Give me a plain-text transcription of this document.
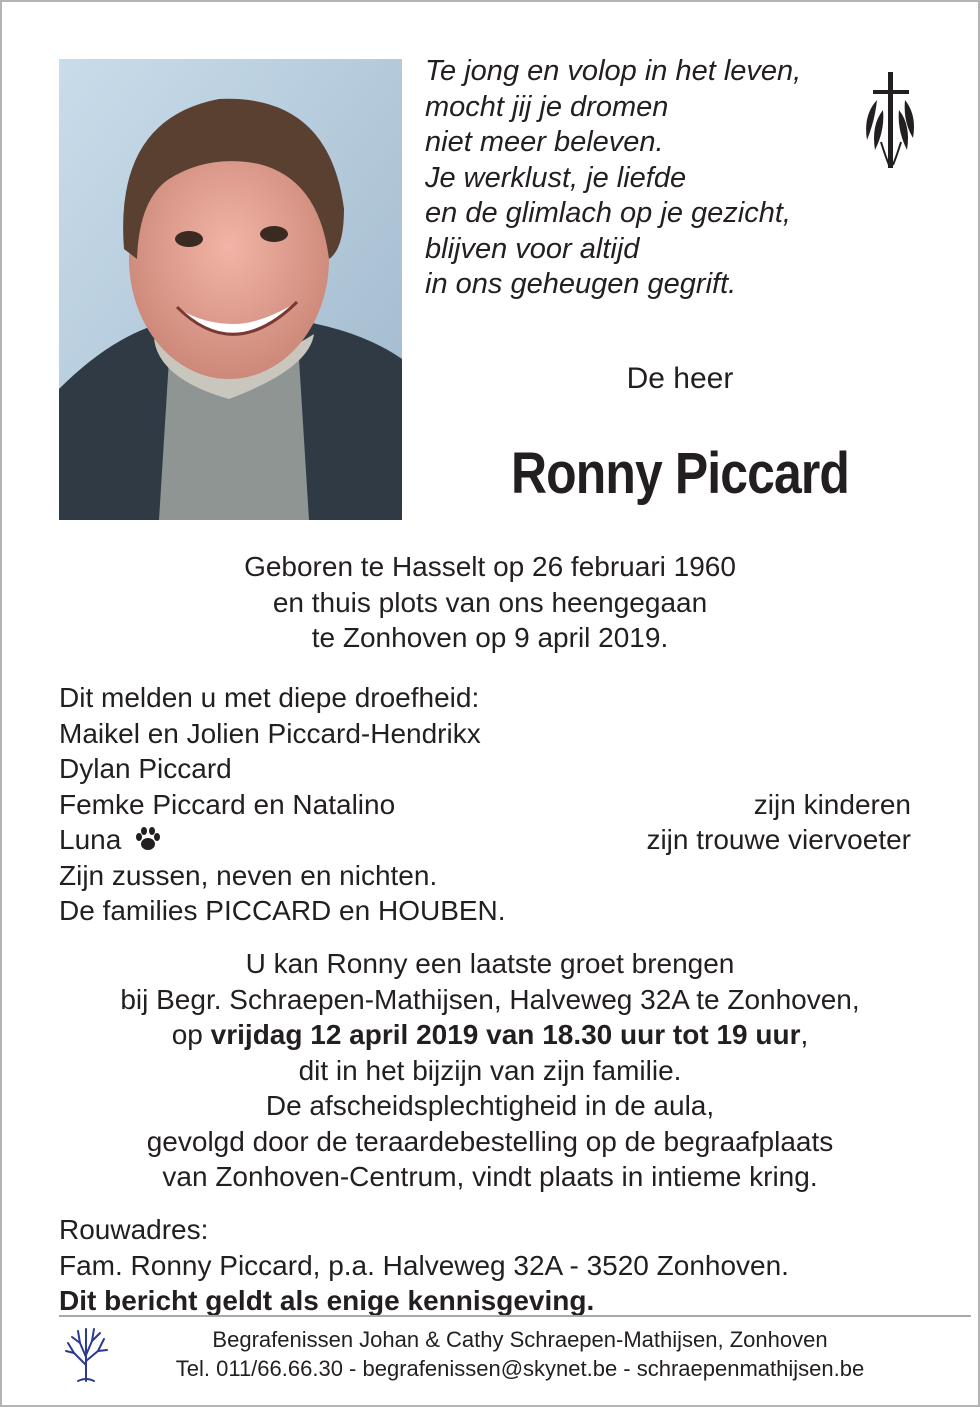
Te jong en volop in het leven,
mocht jij je dromen
niet meer beleven.
Je werklust, je liefde
en de glimlach op je gezicht,
blijven voor altijd
in ons geheugen gegrift.
De heer
Ronny Piccard
Geboren te Hasselt op 26 februari 1960
en thuis plots van ons heengegaan
te Zonhoven op 9 april 2019.
Dit melden u met diepe droefheid:
Maikel en Jolien Piccard-Hendrikx
Dylan Piccard
Femke Piccard en Natalino	zijn kinderen
Luna	zijn trouwe viervoeter
Zijn zussen, neven en nichten.
De families PICCARD en HOUBEN.
U kan Ronny een laatste groet brengen
bij Begr. Schraepen-Mathijsen, Halveweg 32A te Zonhoven,
op vrijdag 12 april 2019 van 18.30 uur tot 19 uur,
dit in het bijzijn van zijn familie.
De afscheidsplechtigheid in de aula,
gevolgd door de teraardebestelling op de begraafplaats
van Zonhoven-Centrum, vindt plaats in intieme kring.
Rouwadres:
Fam. Ronny Piccard, p.a. Halveweg 32A - 3520 Zonhoven.
Dit bericht geldt als enige kennisgeving.
Begrafenissen Johan & Cathy Schraepen-Mathijsen, Zonhoven
Tel. 011/66.66.30 - begrafenissen@skynet.be - schraepenmathijsen.be
